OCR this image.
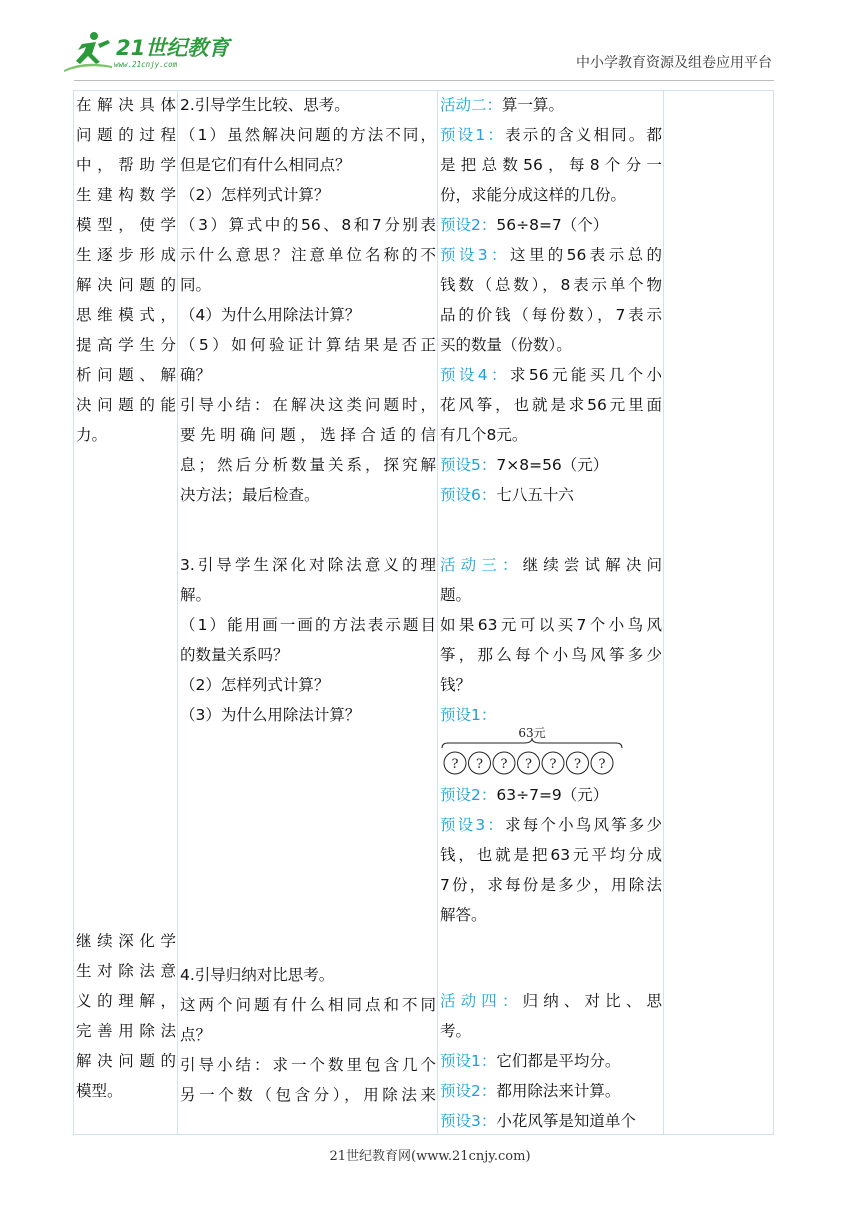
21世纪教育
www.21cnjy.com	中小学教育资源及组卷应用平台
在解决具体
问题的过程
中，帮助学
生建构数学
模型，使学
生逐步形成
解决问题的
思维模式，
提高学生分
析问题、解
决问题的能
力。
继续深化学
生对除法意
义的理解，
完善用除法
解决问题的
模型。
2.引导学生比较、思考。
（1）虽然解决问题的方法不同，
但是它们有什么相同点？
（2）怎样列式计算？
（3）算式中的56、8和7分别表
示什么意思？注意单位名称的不
同。
（4）为什么用除法计算？
（5）如何验证计算结果是否正
确？
引导小结：在解决这类问题时，
要先明确问题，选择合适的信
息；然后分析数量关系，探究解
决方法；最后检查。
3.引导学生深化对除法意义的理
解。
（1）能用画一画的方法表示题目
的数量关系吗？
（2）怎样列式计算？
（3）为什么用除法计算？
4.引导归纳对比思考。
这两个问题有什么相同点和不同
点？
引导小结：求一个数里包含几个
另一个数（包含分），用除法来
活动二：算一算。
预设1：表示的含义相同。都
是把总数56，每8个分一
份，求能分成这样的几份。
预设2：56÷8=7（个）
预设3：这里的56表示总的
钱数（总数），8表示单个物
品的价钱（每份数），7表示
买的数量（份数）。
预设4：求56元能买几个小
花风筝，也就是求56元里面
有几个8元。
预设5：7×8=56（元）
预设6：七八五十六
活动三：继续尝试解决问
题。
如果63元可以买7个小鸟风
筝，那么每个小鸟风筝多少
钱？
预设1：
预设2：63÷7=9（元）
预设3：求每个小鸟风筝多少
钱，也就是把63元平均分成
7份，求每份是多少，用除法
解答。
活动四：归纳、对比、思
考。
预设1：它们都是平均分。
预设2：都用除法来计算。
预设3：小花风筝是知道单个
63元
? ? ? ? ? ? ?
21世纪教育网(www.21cnjy.com)
